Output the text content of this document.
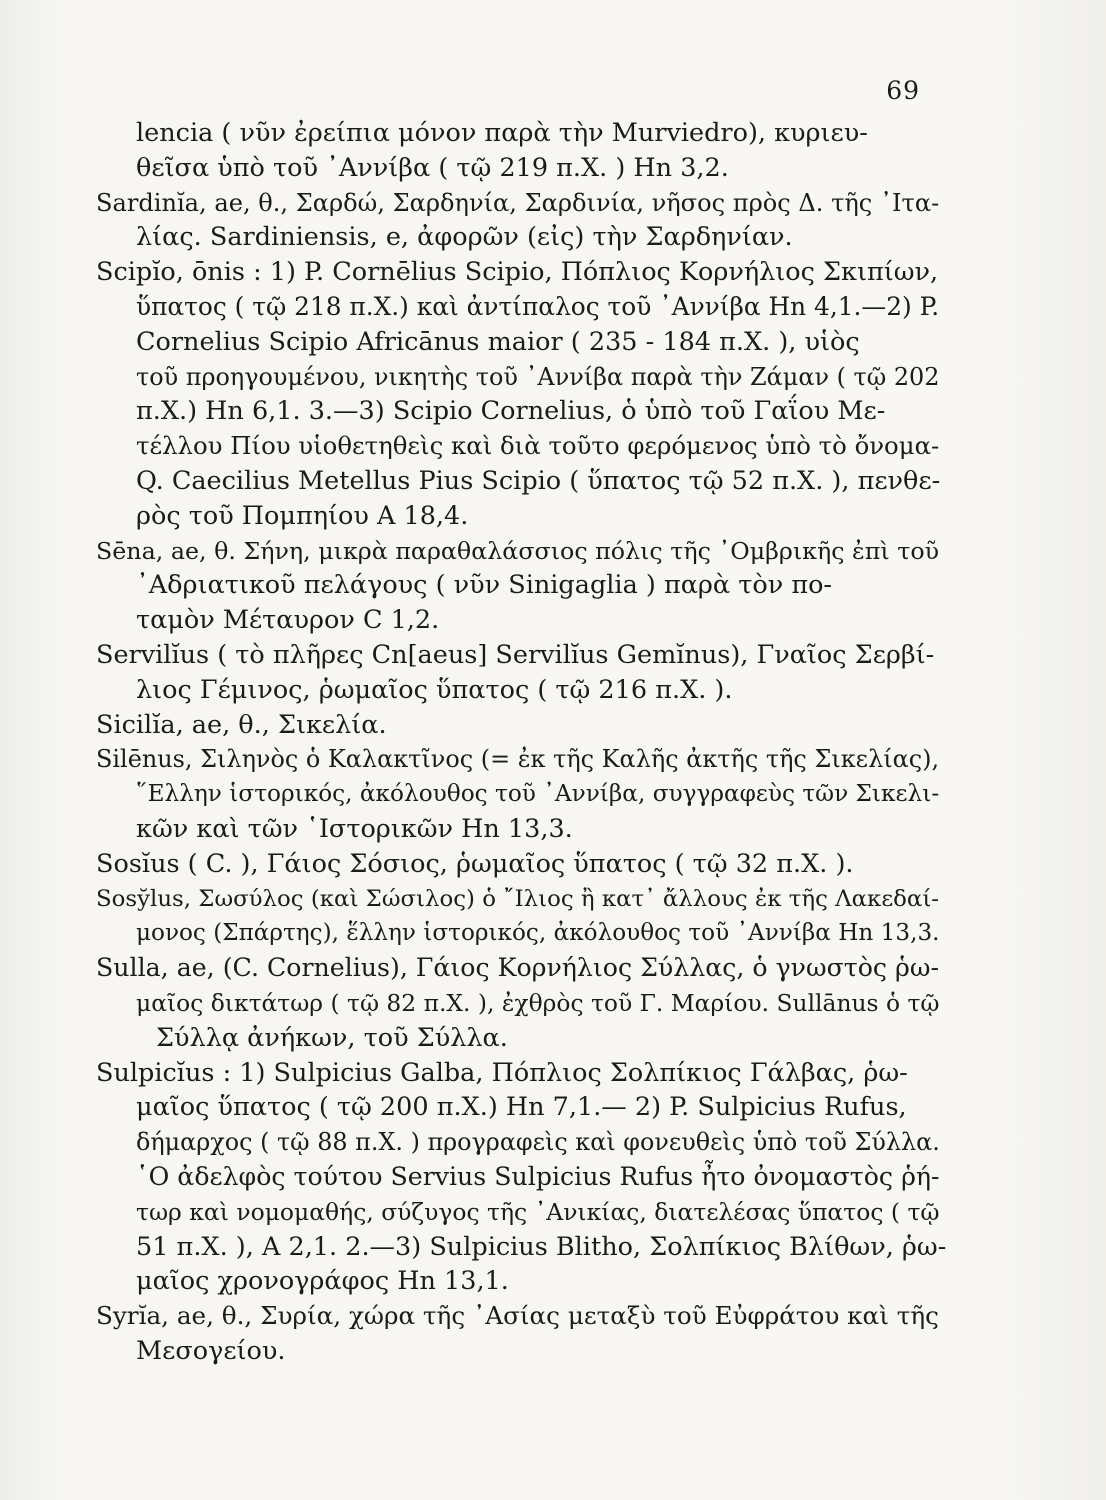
69
lencia ( νῦν ἐρείπια μόνον παρὰ τὴν Murviedro), κυριευ-
θεῖσα ὑπὸ τοῦ ᾿Αννίβα ( τῷ 219 π.Χ. ) Hn 3,2.
Sardinĭa, ae, θ., Σαρδώ, Σαρδηνία, Σαρδινία, νῆσος πρὸς Δ. τῆς ᾿Ιτα-
λίας. Sardiniensis, e, ἀφορῶν (εἰς) τὴν Σαρδηνίαν.
Scipĭo, ōnis : 1) P. Cornēlius Scipio, Πόπλιος Κορνήλιος Σκιπίων,
ὕπατος ( τῷ 218 π.Χ.) καὶ ἀντίπαλος τοῦ ᾿Αννίβα Hn 4,1.—2) P.
Cornelius Scipio Africānus maior ( 235 - 184 π.Χ. ), υἱὸς
τοῦ προηγουμένου, νικητὴς τοῦ ᾿Αννίβα παρὰ τὴν Ζάμαν ( τῷ 202
π.Χ.) Hn 6,1. 3.—3) Scipio Cornelius, ὁ ὑπὸ τοῦ Γαΐου Με-
τέλλου Πίου υἱοθετηθεὶς καὶ διὰ τοῦτο φερόμενος ὑπὸ τὸ ὄνομα-
Q. Caecilius Metellus Pius Scipio ( ὕπατος τῷ 52 π.Χ. ), πενθε-
ρὸς τοῦ Πομπηίου A 18,4.
Sēna, ae, θ. Σήνη, μικρὰ παραθαλάσσιος πόλις τῆς ᾿Ομβρικῆς ἐπὶ τοῦ
᾿Αδριατικοῦ πελάγους ( νῦν Sinigaglia ) παρὰ τὸν πο-
ταμὸν Μέταυρον C 1,2.
Servilĭus ( τὸ πλῆρες Cn[aeus] Servilĭus Gemĭnus), Γναῖος Σερβί-
λιος Γέμινος, ῥωμαῖος ὕπατος ( τῷ 216 π.Χ. ).
Sicilĭa, ae, θ., Σικελία.
Silēnus, Σιληνὸς ὁ Καλακτῖνος (= ἐκ τῆς Καλῆς ἀκτῆς τῆς Σικελίας),
῞Ελλην ἱστορικός, ἀκόλουθος τοῦ ᾿Αννίβα, συγγραφεὺς τῶν Σικελι-
κῶν καὶ τῶν ῾Ιστορικῶν Hn 13,3.
Sosĭus ( C. ), Γάιος Σόσιος, ῥωμαῖος ὕπατος ( τῷ 32 π.Χ. ).
Sosy̆lus, Σωσύλος (καὶ Σώσιλος) ὁ ῎Ιλιος ἢ κατ᾿ ἄλλους ἐκ τῆς Λακεδαί-
μονος (Σπάρτης), ἕλλην ἱστορικός, ἀκόλουθος τοῦ ᾿Αννίβα Hn 13,3.
Sulla, ae, (C. Cornelius), Γάιος Κορνήλιος Σύλλας, ὁ γνωστὸς ῥω-
μαῖος δικτάτωρ ( τῷ 82 π.Χ. ), ἐχθρὸς τοῦ Γ. Μαρίου. Sullānus ὁ τῷ
Σύλλᾳ ἀνήκων, τοῦ Σύλλα.
Sulpicĭus : 1) Sulpicius Galba, Πόπλιος Σολπίκιος Γάλβας, ῥω-
μαῖος ὕπατος ( τῷ 200 π.Χ.) Hn 7,1.— 2) P. Sulpicius Rufus,
δήμαρχος ( τῷ 88 π.Χ. ) προγραφεὶς καὶ φονευθεὶς ὑπὸ τοῦ Σύλλα.
῾Ο ἀδελφὸς τούτου Servius Sulpicius Rufus ἦτο ὀνομαστὸς ῥή-
τωρ καὶ νομομαθής, σύζυγος τῆς ᾿Ανικίας, διατελέσας ὕπατος ( τῷ
51 π.Χ. ), A 2,1. 2.—3) Sulpicius Blitho, Σολπίκιος Βλίθων, ῥω-
μαῖος χρονογράφος Hn 13,1.
Syrĭa, ae, θ., Συρία, χώρα τῆς ᾿Ασίας μεταξὺ τοῦ Εὐφράτου καὶ τῆς
Μεσογείου.
